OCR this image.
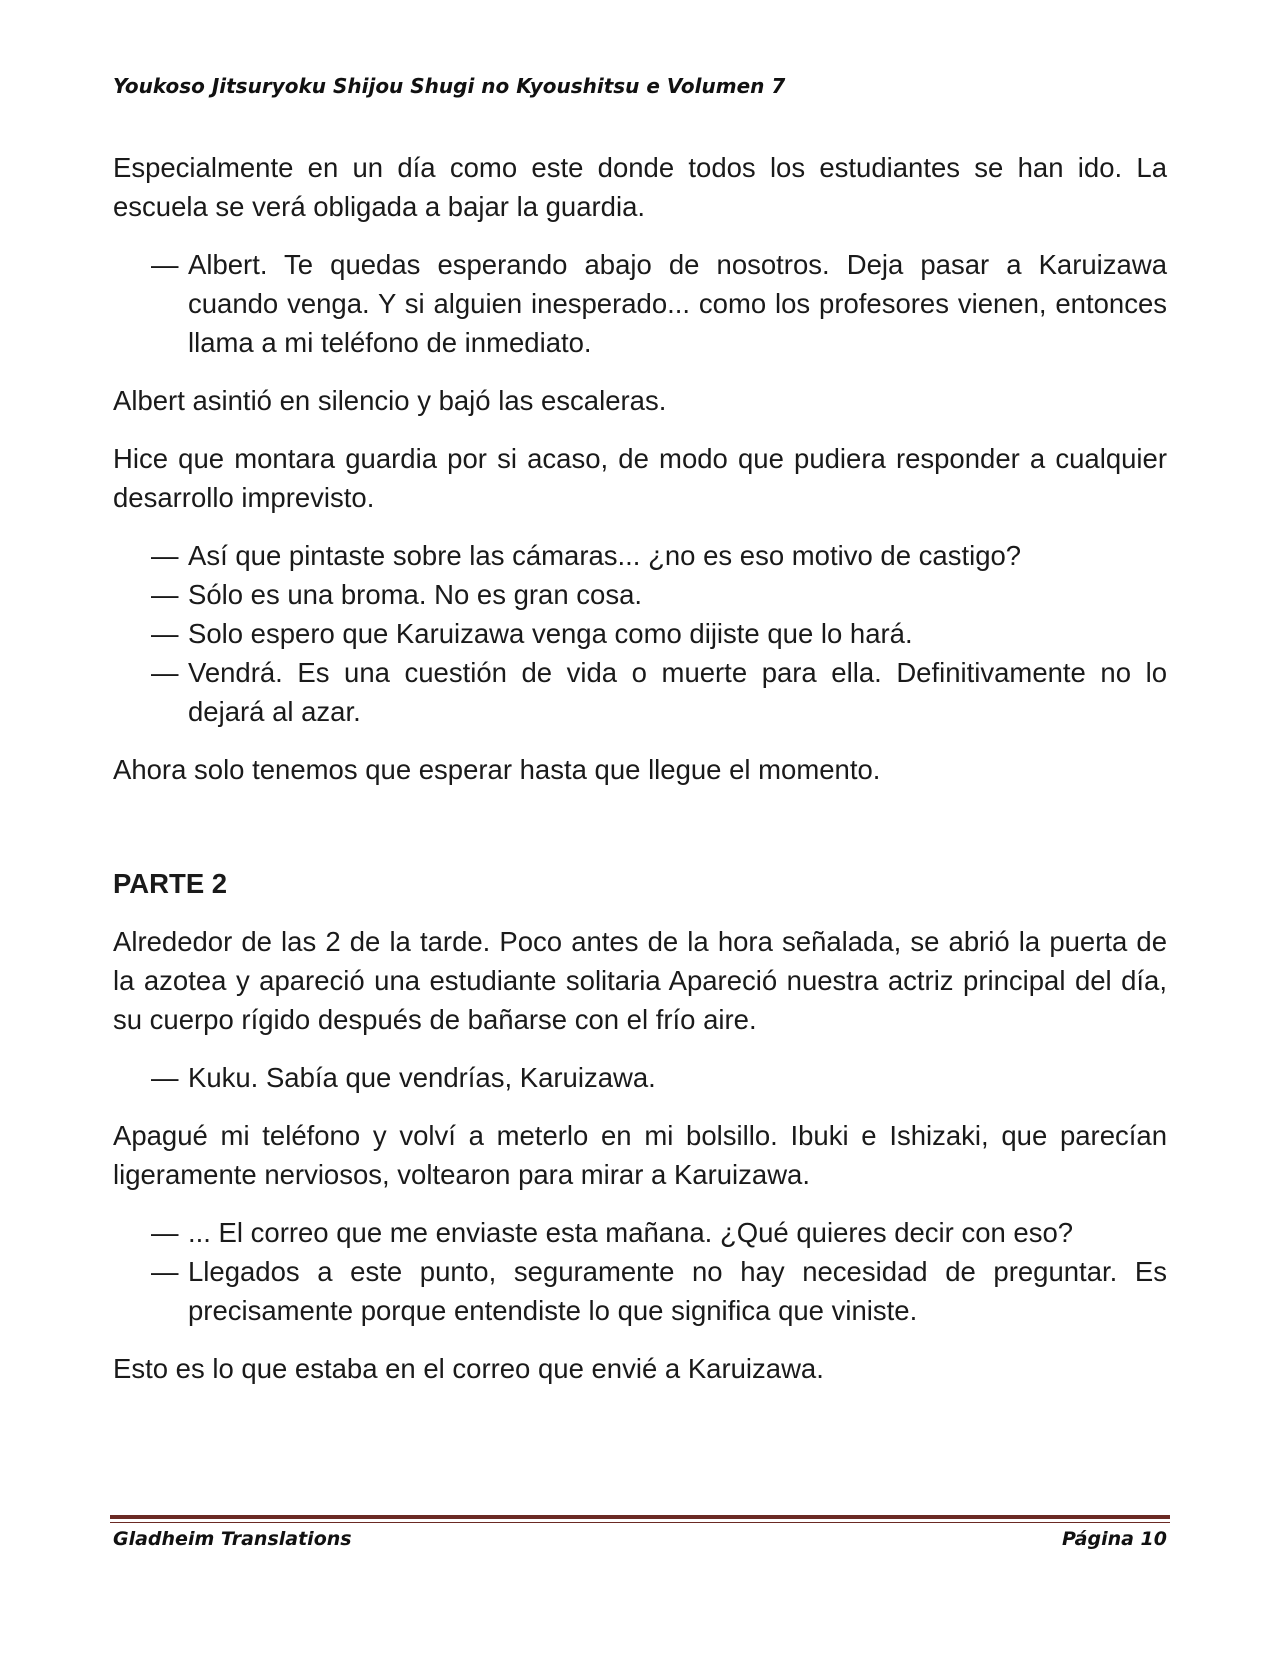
Youkoso Jitsuryoku Shijou Shugi no Kyoushitsu e Volumen 7

Especialmente en un día como este donde todos los estudiantes se han ido. La escuela se verá obligada a bajar la guardia.

— Albert. Te quedas esperando abajo de nosotros. Deja pasar a Karuizawa cuando venga. Y si alguien inesperado... como los profesores vienen, entonces llama a mi teléfono de inmediato.

Albert asintió en silencio y bajó las escaleras.

Hice que montara guardia por si acaso, de modo que pudiera responder a cualquier desarrollo imprevisto.

— Así que pintaste sobre las cámaras... ¿no es eso motivo de castigo?
— Sólo es una broma. No es gran cosa.
— Solo espero que Karuizawa venga como dijiste que lo hará.
— Vendrá. Es una cuestión de vida o muerte para ella. Definitivamente no lo dejará al azar.

Ahora solo tenemos que esperar hasta que llegue el momento.

PARTE 2

Alrededor de las 2 de la tarde. Poco antes de la hora señalada, se abrió la puerta de la azotea y apareció una estudiante solitaria Apareció nuestra actriz principal del día, su cuerpo rígido después de bañarse con el frío aire.

— Kuku. Sabía que vendrías, Karuizawa.

Apagué mi teléfono y volví a meterlo en mi bolsillo. Ibuki e Ishizaki, que parecían ligeramente nerviosos, voltearon para mirar a Karuizawa.

— ... El correo que me enviaste esta mañana. ¿Qué quieres decir con eso?
— Llegados a este punto, seguramente no hay necesidad de preguntar. Es precisamente porque entendiste lo que significa que viniste.

Esto es lo que estaba en el correo que envié a Karuizawa.

Gladheim Translations	Página 10
